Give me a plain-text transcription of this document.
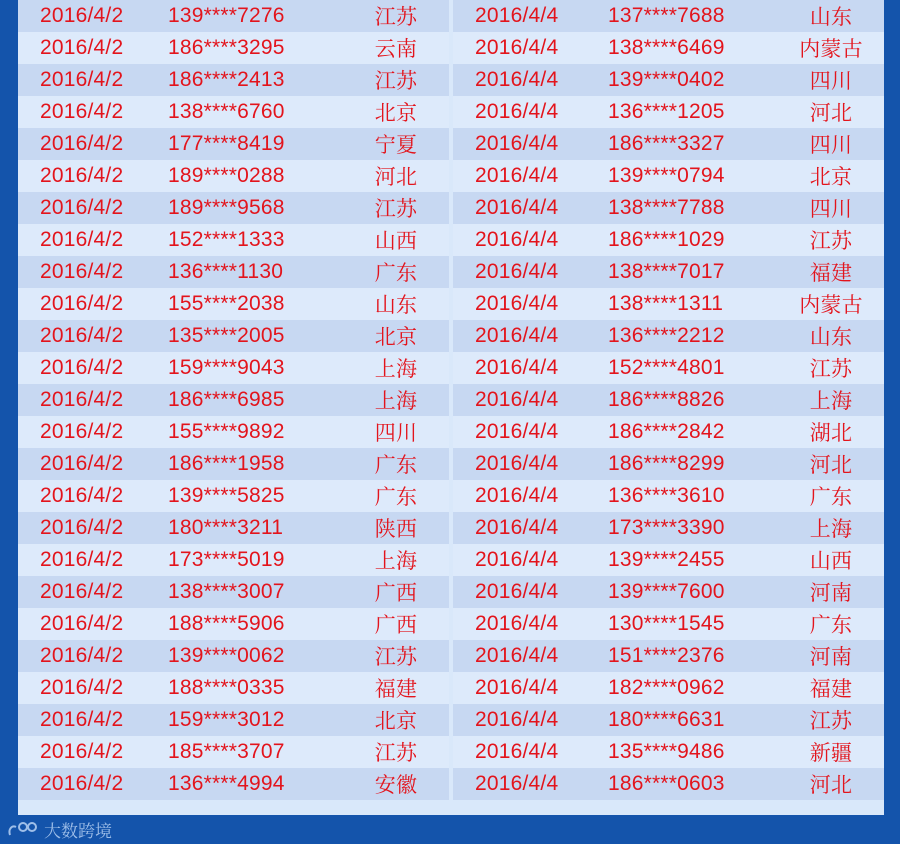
2016/4/2	139****7276	江苏
2016/4/2	186****3295	云南
2016/4/2	186****2413	江苏
2016/4/2	138****6760	北京
2016/4/2	177****8419	宁夏
2016/4/2	189****0288	河北
2016/4/2	189****9568	江苏
2016/4/2	152****1333	山西
2016/4/2	136****1130	广东
2016/4/2	155****2038	山东
2016/4/2	135****2005	北京
2016/4/2	159****9043	上海
2016/4/2	186****6985	上海
2016/4/2	155****9892	四川
2016/4/2	186****1958	广东
2016/4/2	139****5825	广东
2016/4/2	180****3211	陕西
2016/4/2	173****5019	上海
2016/4/2	138****3007	广西
2016/4/2	188****5906	广西
2016/4/2	139****0062	江苏
2016/4/2	188****0335	福建
2016/4/2	159****3012	北京
2016/4/2	185****3707	江苏
2016/4/2	136****4994	安徽
2016/4/4	137****7688	山东
2016/4/4	138****6469	内蒙古
2016/4/4	139****0402	四川
2016/4/4	136****1205	河北
2016/4/4	186****3327	四川
2016/4/4	139****0794	北京
2016/4/4	138****7788	四川
2016/4/4	186****1029	江苏
2016/4/4	138****7017	福建
2016/4/4	138****1311	内蒙古
2016/4/4	136****2212	山东
2016/4/4	152****4801	江苏
2016/4/4	186****8826	上海
2016/4/4	186****2842	湖北
2016/4/4	186****8299	河北
2016/4/4	136****3610	广东
2016/4/4	173****3390	上海
2016/4/4	139****2455	山西
2016/4/4	139****7600	河南
2016/4/4	130****1545	广东
2016/4/4	151****2376	河南
2016/4/4	182****0962	福建
2016/4/4	180****6631	江苏
2016/4/4	135****9486	新疆
2016/4/4	186****0603	河北
大数跨境
